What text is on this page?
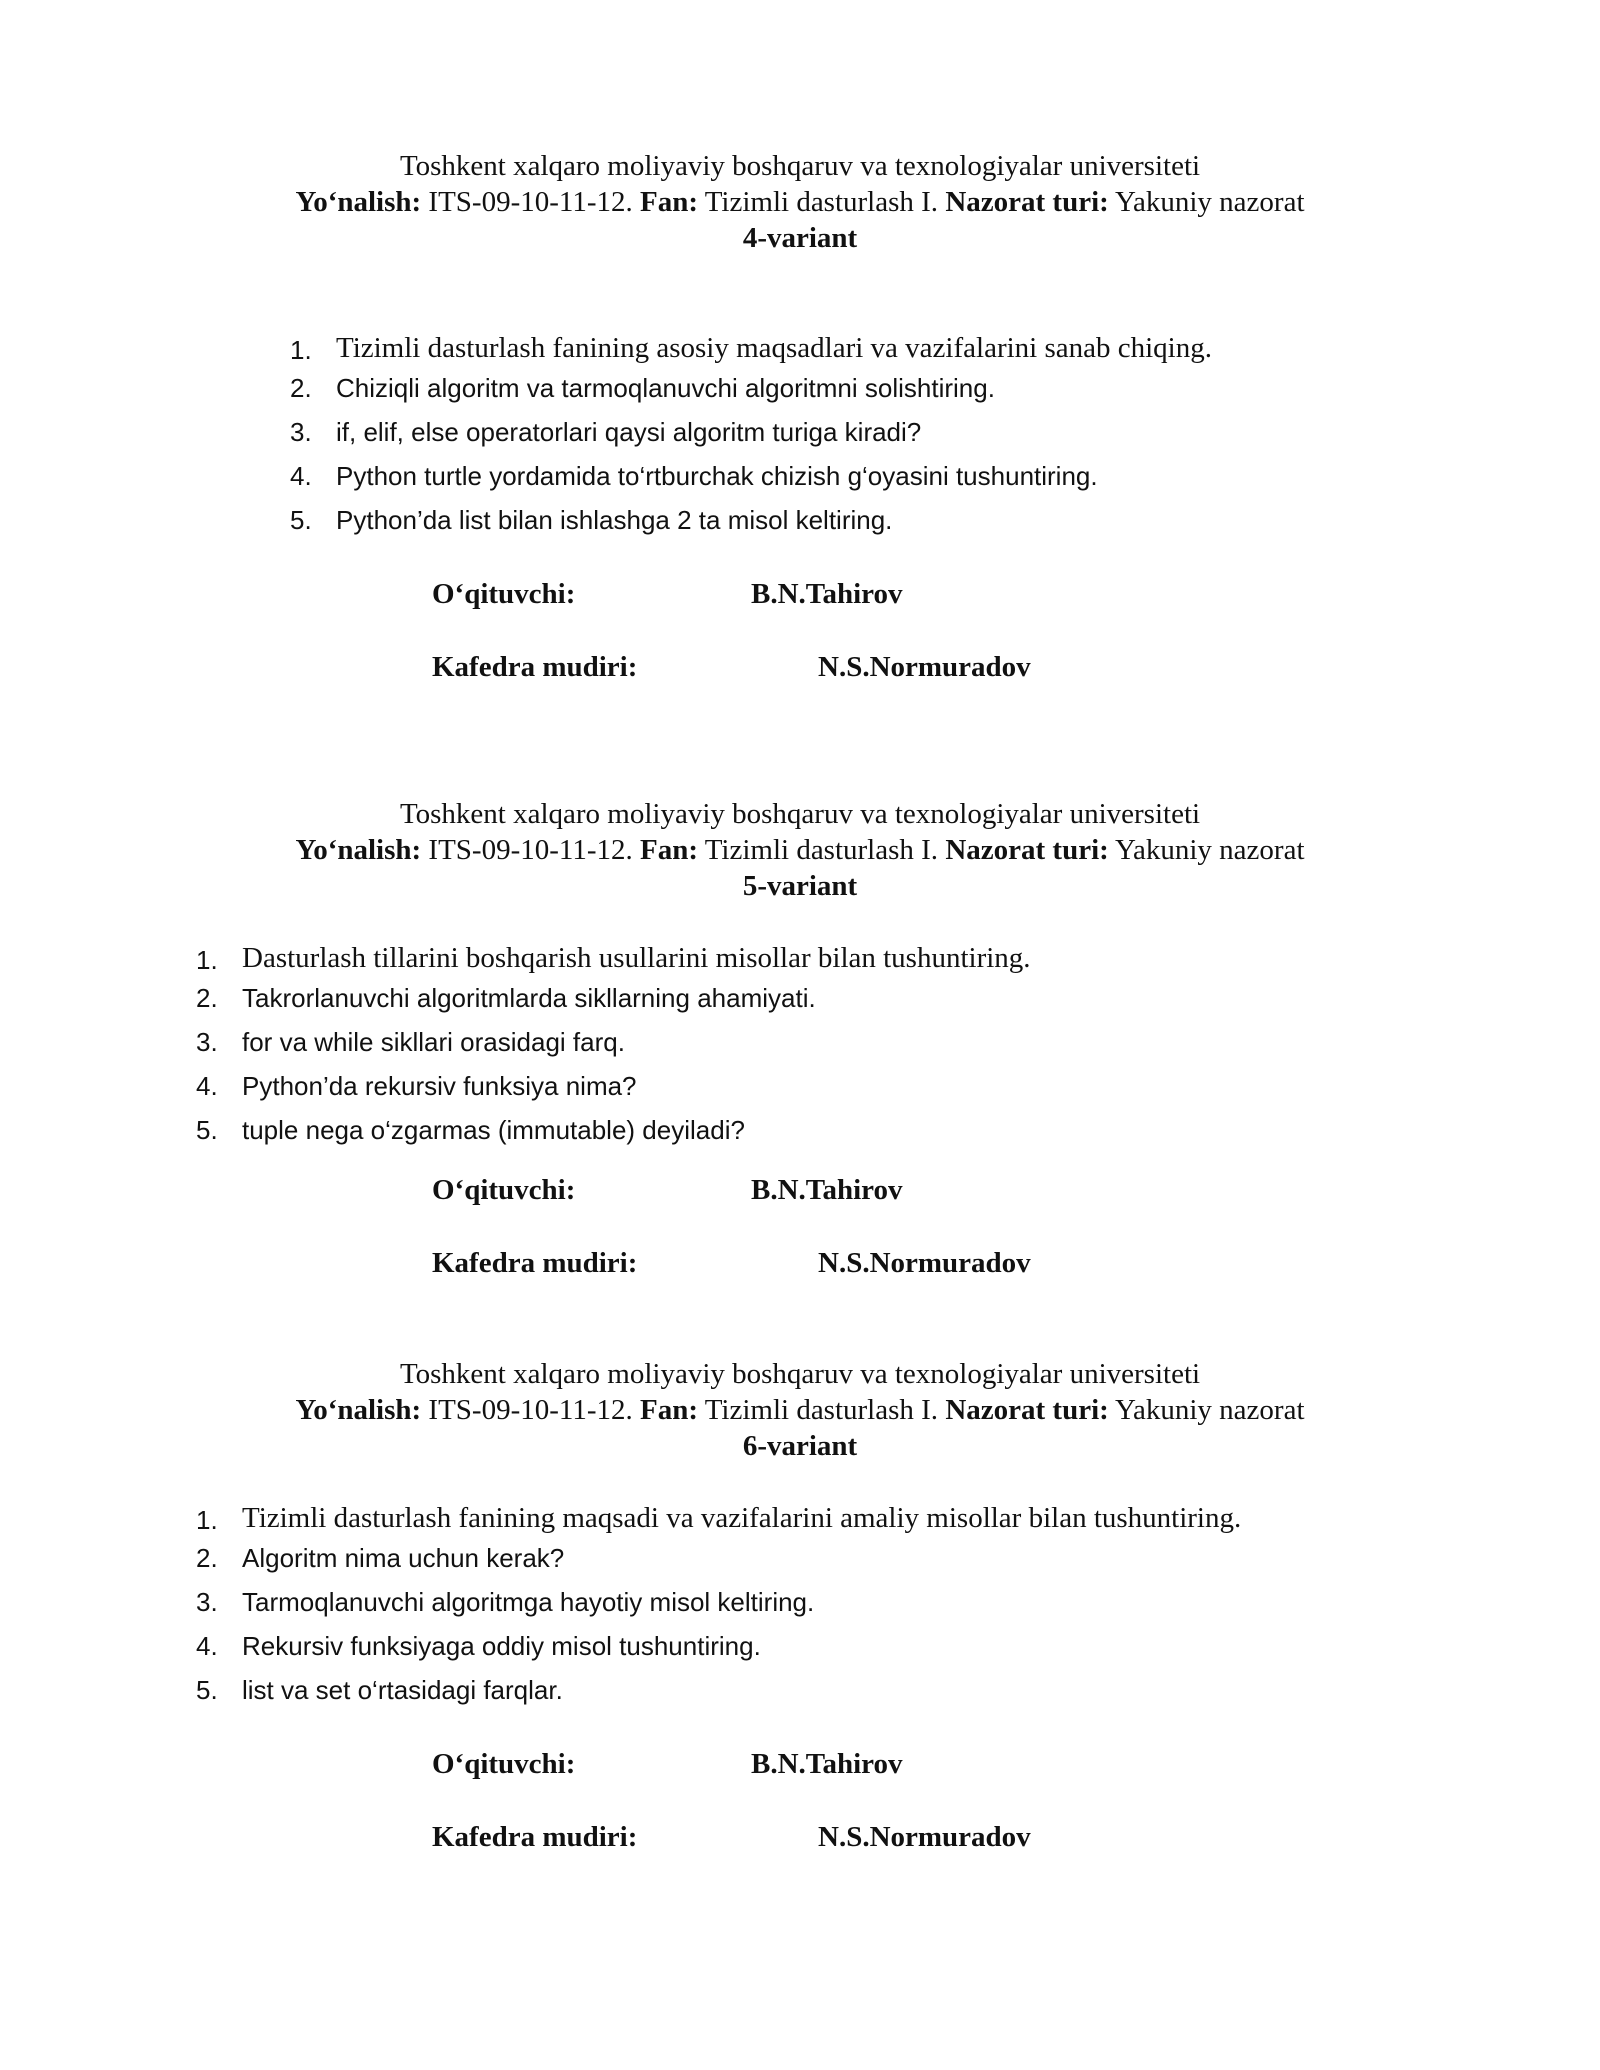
Toshkent xalqaro moliyaviy boshqaruv va texnologiyalar universiteti
Yo‘nalish: ITS-09-10-11-12. Fan: Tizimli dasturlash I. Nazorat turi: Yakuniy nazorat
4-variant
1. Tizimli dasturlash fanining asosiy maqsadlari va vazifalarini sanab chiqing.
2. Chiziqli algoritm va tarmoqlanuvchi algoritmni solishtiring.
3. if, elif, else operatorlari qaysi algoritm turiga kiradi?
4. Python turtle yordamida to‘rtburchak chizish g‘oyasini tushuntiring.
5. Python’da list bilan ishlashga 2 ta misol keltiring.
O‘qituvchi:	B.N.Tahirov
Kafedra mudiri:	N.S.Normuradov
Toshkent xalqaro moliyaviy boshqaruv va texnologiyalar universiteti
Yo‘nalish: ITS-09-10-11-12. Fan: Tizimli dasturlash I. Nazorat turi: Yakuniy nazorat
5-variant
1. Dasturlash tillarini boshqarish usullarini misollar bilan tushuntiring.
2. Takrorlanuvchi algoritmlarda sikllarning ahamiyati.
3. for va while sikllari orasidagi farq.
4. Python’da rekursiv funksiya nima?
5. tuple nega o‘zgarmas (immutable) deyiladi?
O‘qituvchi:	B.N.Tahirov
Kafedra mudiri:	N.S.Normuradov
Toshkent xalqaro moliyaviy boshqaruv va texnologiyalar universiteti
Yo‘nalish: ITS-09-10-11-12. Fan: Tizimli dasturlash I. Nazorat turi: Yakuniy nazorat
6-variant
1. Tizimli dasturlash fanining maqsadi va vazifalarini amaliy misollar bilan tushuntiring.
2. Algoritm nima uchun kerak?
3. Tarmoqlanuvchi algoritmga hayotiy misol keltiring.
4. Rekursiv funksiyaga oddiy misol tushuntiring.
5. list va set o‘rtasidagi farqlar.
O‘qituvchi:	B.N.Tahirov
Kafedra mudiri:	N.S.Normuradov
